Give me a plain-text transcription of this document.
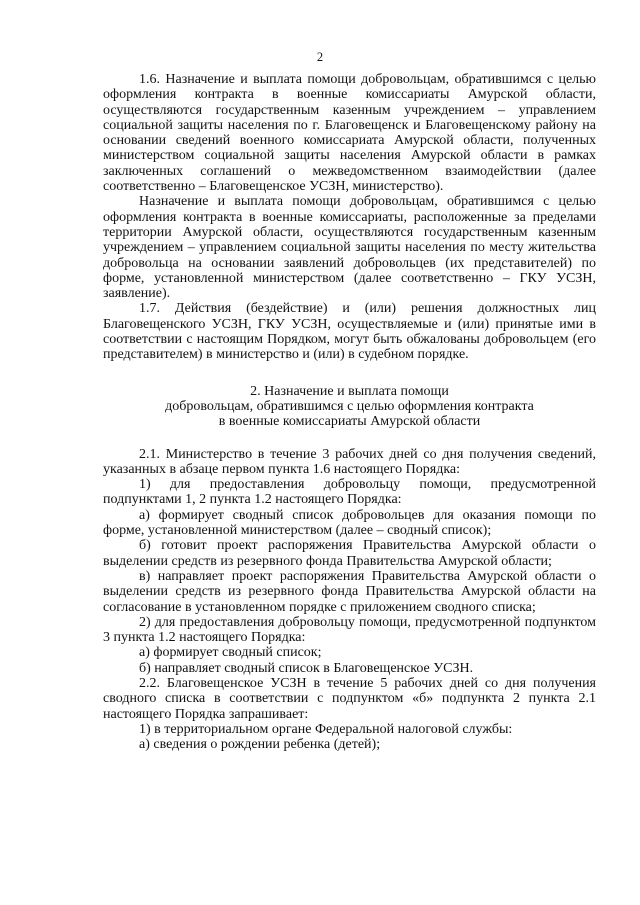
2

1.6. Назначение и выплата помощи добровольцам, обратившимся с целью оформления контракта в военные комиссариаты Амурской области, осуществляются государственным казенным учреждением – управлением социальной защиты населения по г. Благовещенск и Благовещенскому району на основании сведений военного комиссариата Амурской области, полученных министерством социальной защиты населения Амурской области в рамках заключенных соглашений о межведомственном взаимодействии (далее соответственно – Благовещенское УСЗН, министерство).

Назначение и выплата помощи добровольцам, обратившимся с целью оформления контракта в военные комиссариаты, расположенные за пределами территории Амурской области, осуществляются государственным казенным учреждением – управлением социальной защиты населения по месту жительства добровольца на основании заявлений добровольцев (их представителей) по форме, установленной министерством (далее соответственно – ГКУ УСЗН, заявление).

1.7. Действия (бездействие) и (или) решения должностных лиц Благовещенского УСЗН, ГКУ УСЗН, осуществляемые и (или) принятые ими в соответствии с настоящим Порядком, могут быть обжалованы добровольцем (его представителем) в министерство и (или) в судебном порядке.

2. Назначение и выплата помощи
добровольцам, обратившимся с целью оформления контракта
в военные комиссариаты Амурской области

2.1. Министерство в течение 3 рабочих дней со дня получения сведений, указанных в абзаце первом пункта 1.6 настоящего Порядка:

1) для предоставления добровольцу помощи, предусмотренной подпунктами 1, 2 пункта 1.2 настоящего Порядка:

а) формирует сводный список добровольцев для оказания помощи по форме, установленной министерством (далее – сводный список);

б) готовит проект распоряжения Правительства Амурской области о выделении средств из резервного фонда Правительства Амурской области;

в) направляет проект распоряжения Правительства Амурской области о выделении средств из резервного фонда Правительства Амурской области на согласование в установленном порядке с приложением сводного списка;

2) для предоставления добровольцу помощи, предусмотренной подпунктом 3 пункта 1.2 настоящего Порядка:

а) формирует сводный список;

б) направляет сводный список в Благовещенское УСЗН.

2.2. Благовещенское УСЗН в течение 5 рабочих дней со дня получения сводного списка в соответствии с подпунктом «б» подпункта 2 пункта 2.1 настоящего Порядка запрашивает:

1) в территориальном органе Федеральной налоговой службы:

а) сведения о рождении ребенка (детей);
